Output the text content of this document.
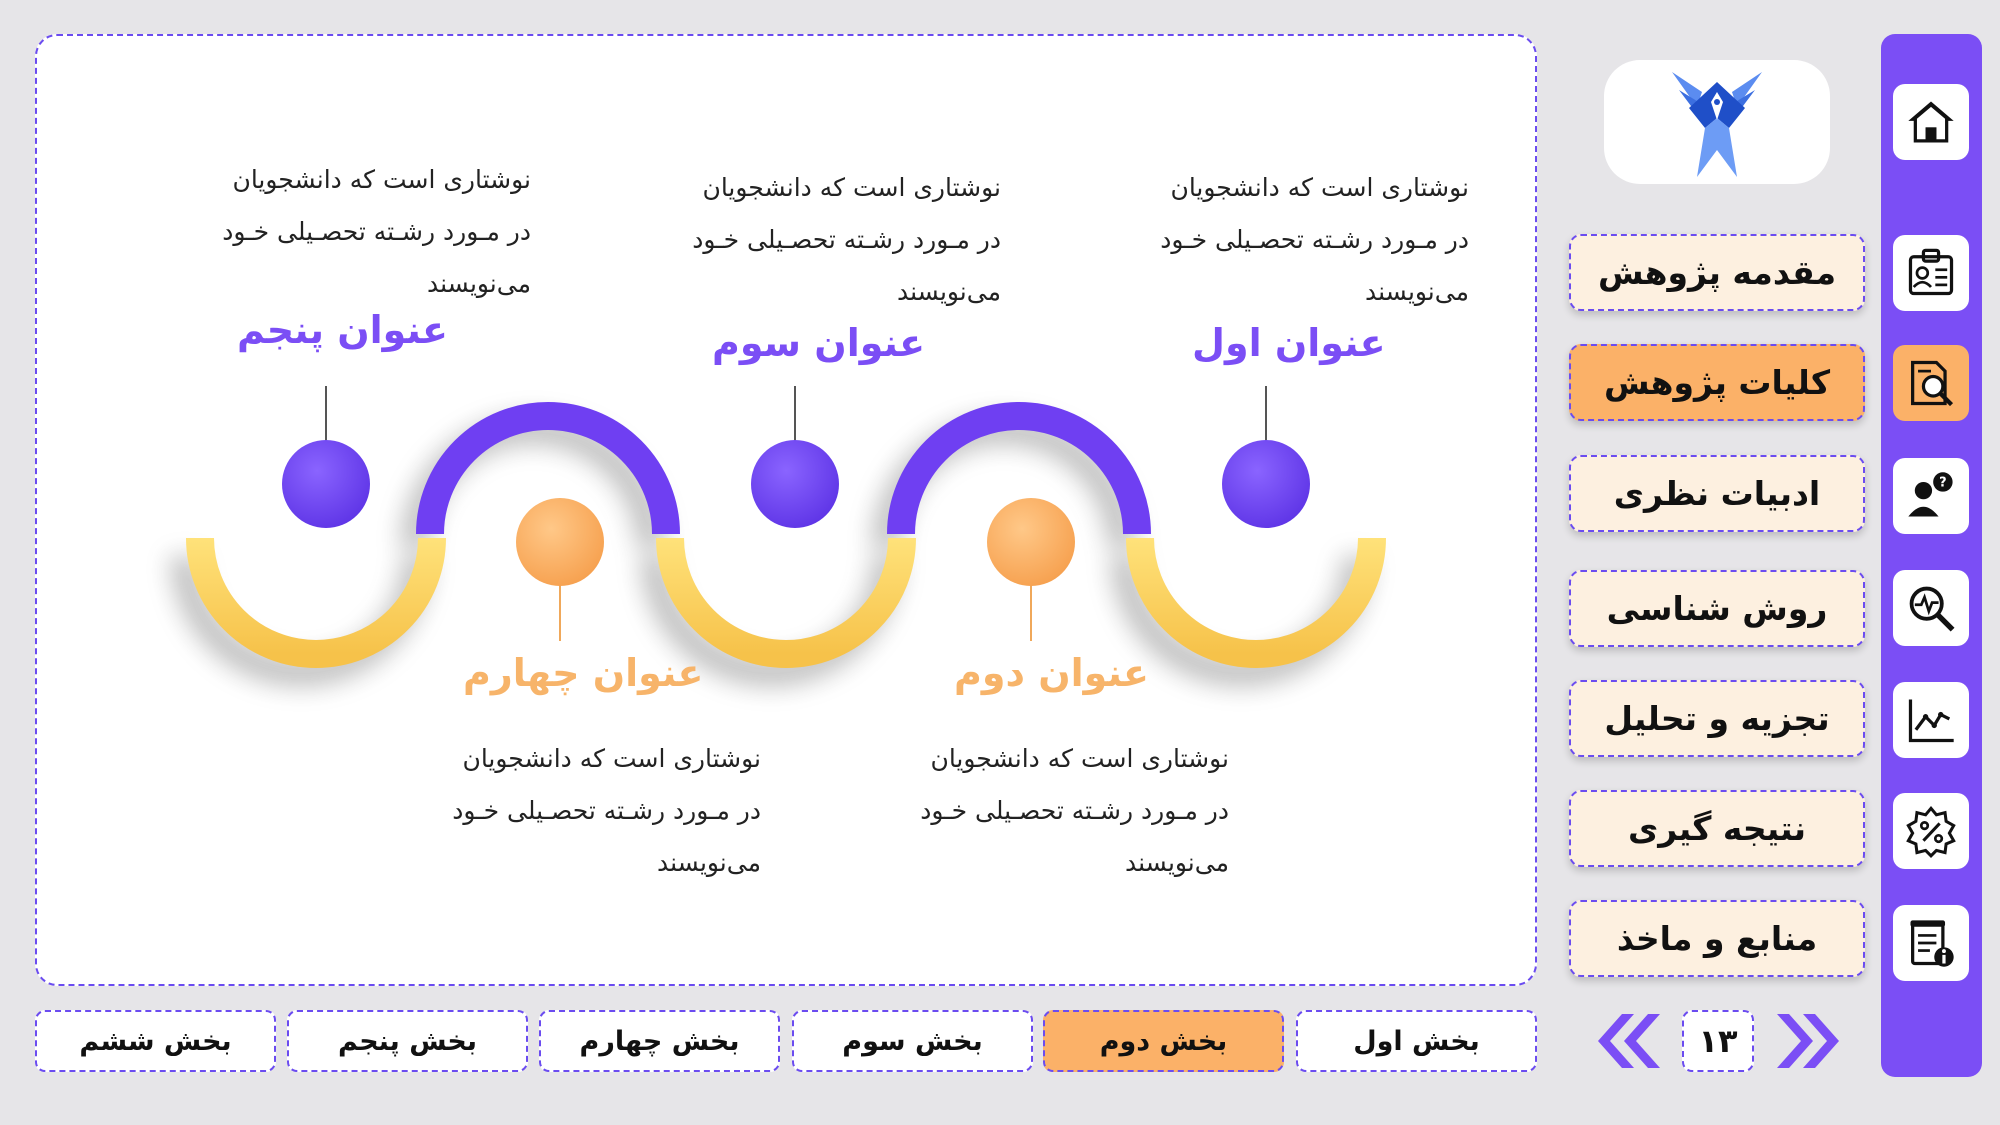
عنوان اول
عنوان دوم
عنوان سوم
عنوان چهارم
عنوان پنجم
نوشتاری است که دانشجویان
در مـورد رشـته تحصـیلی خـود
می‌نویسند
نوشتاری است که دانشجویان
در مـورد رشـته تحصـیلی خـود
می‌نویسند
نوشتاری است که دانشجویان
در مـورد رشـته تحصـیلی خـود
می‌نویسند
نوشتاری است که دانشجویان
در مـورد رشـته تحصـیلی خـود
می‌نویسند
نوشتاری است که دانشجویان
در مـورد رشـته تحصـیلی خـود
می‌نویسند
?
مقدمه پژوهش
کلیات پژوهش
ادبیات نظری
روش شناسی
تجزیه و تحلیل
نتیجه گیری
منابع و ماخذ
بخش اول
بخش دوم
بخش سوم
بخش چهارم
بخش پنجم
بخش ششم	۱۳
